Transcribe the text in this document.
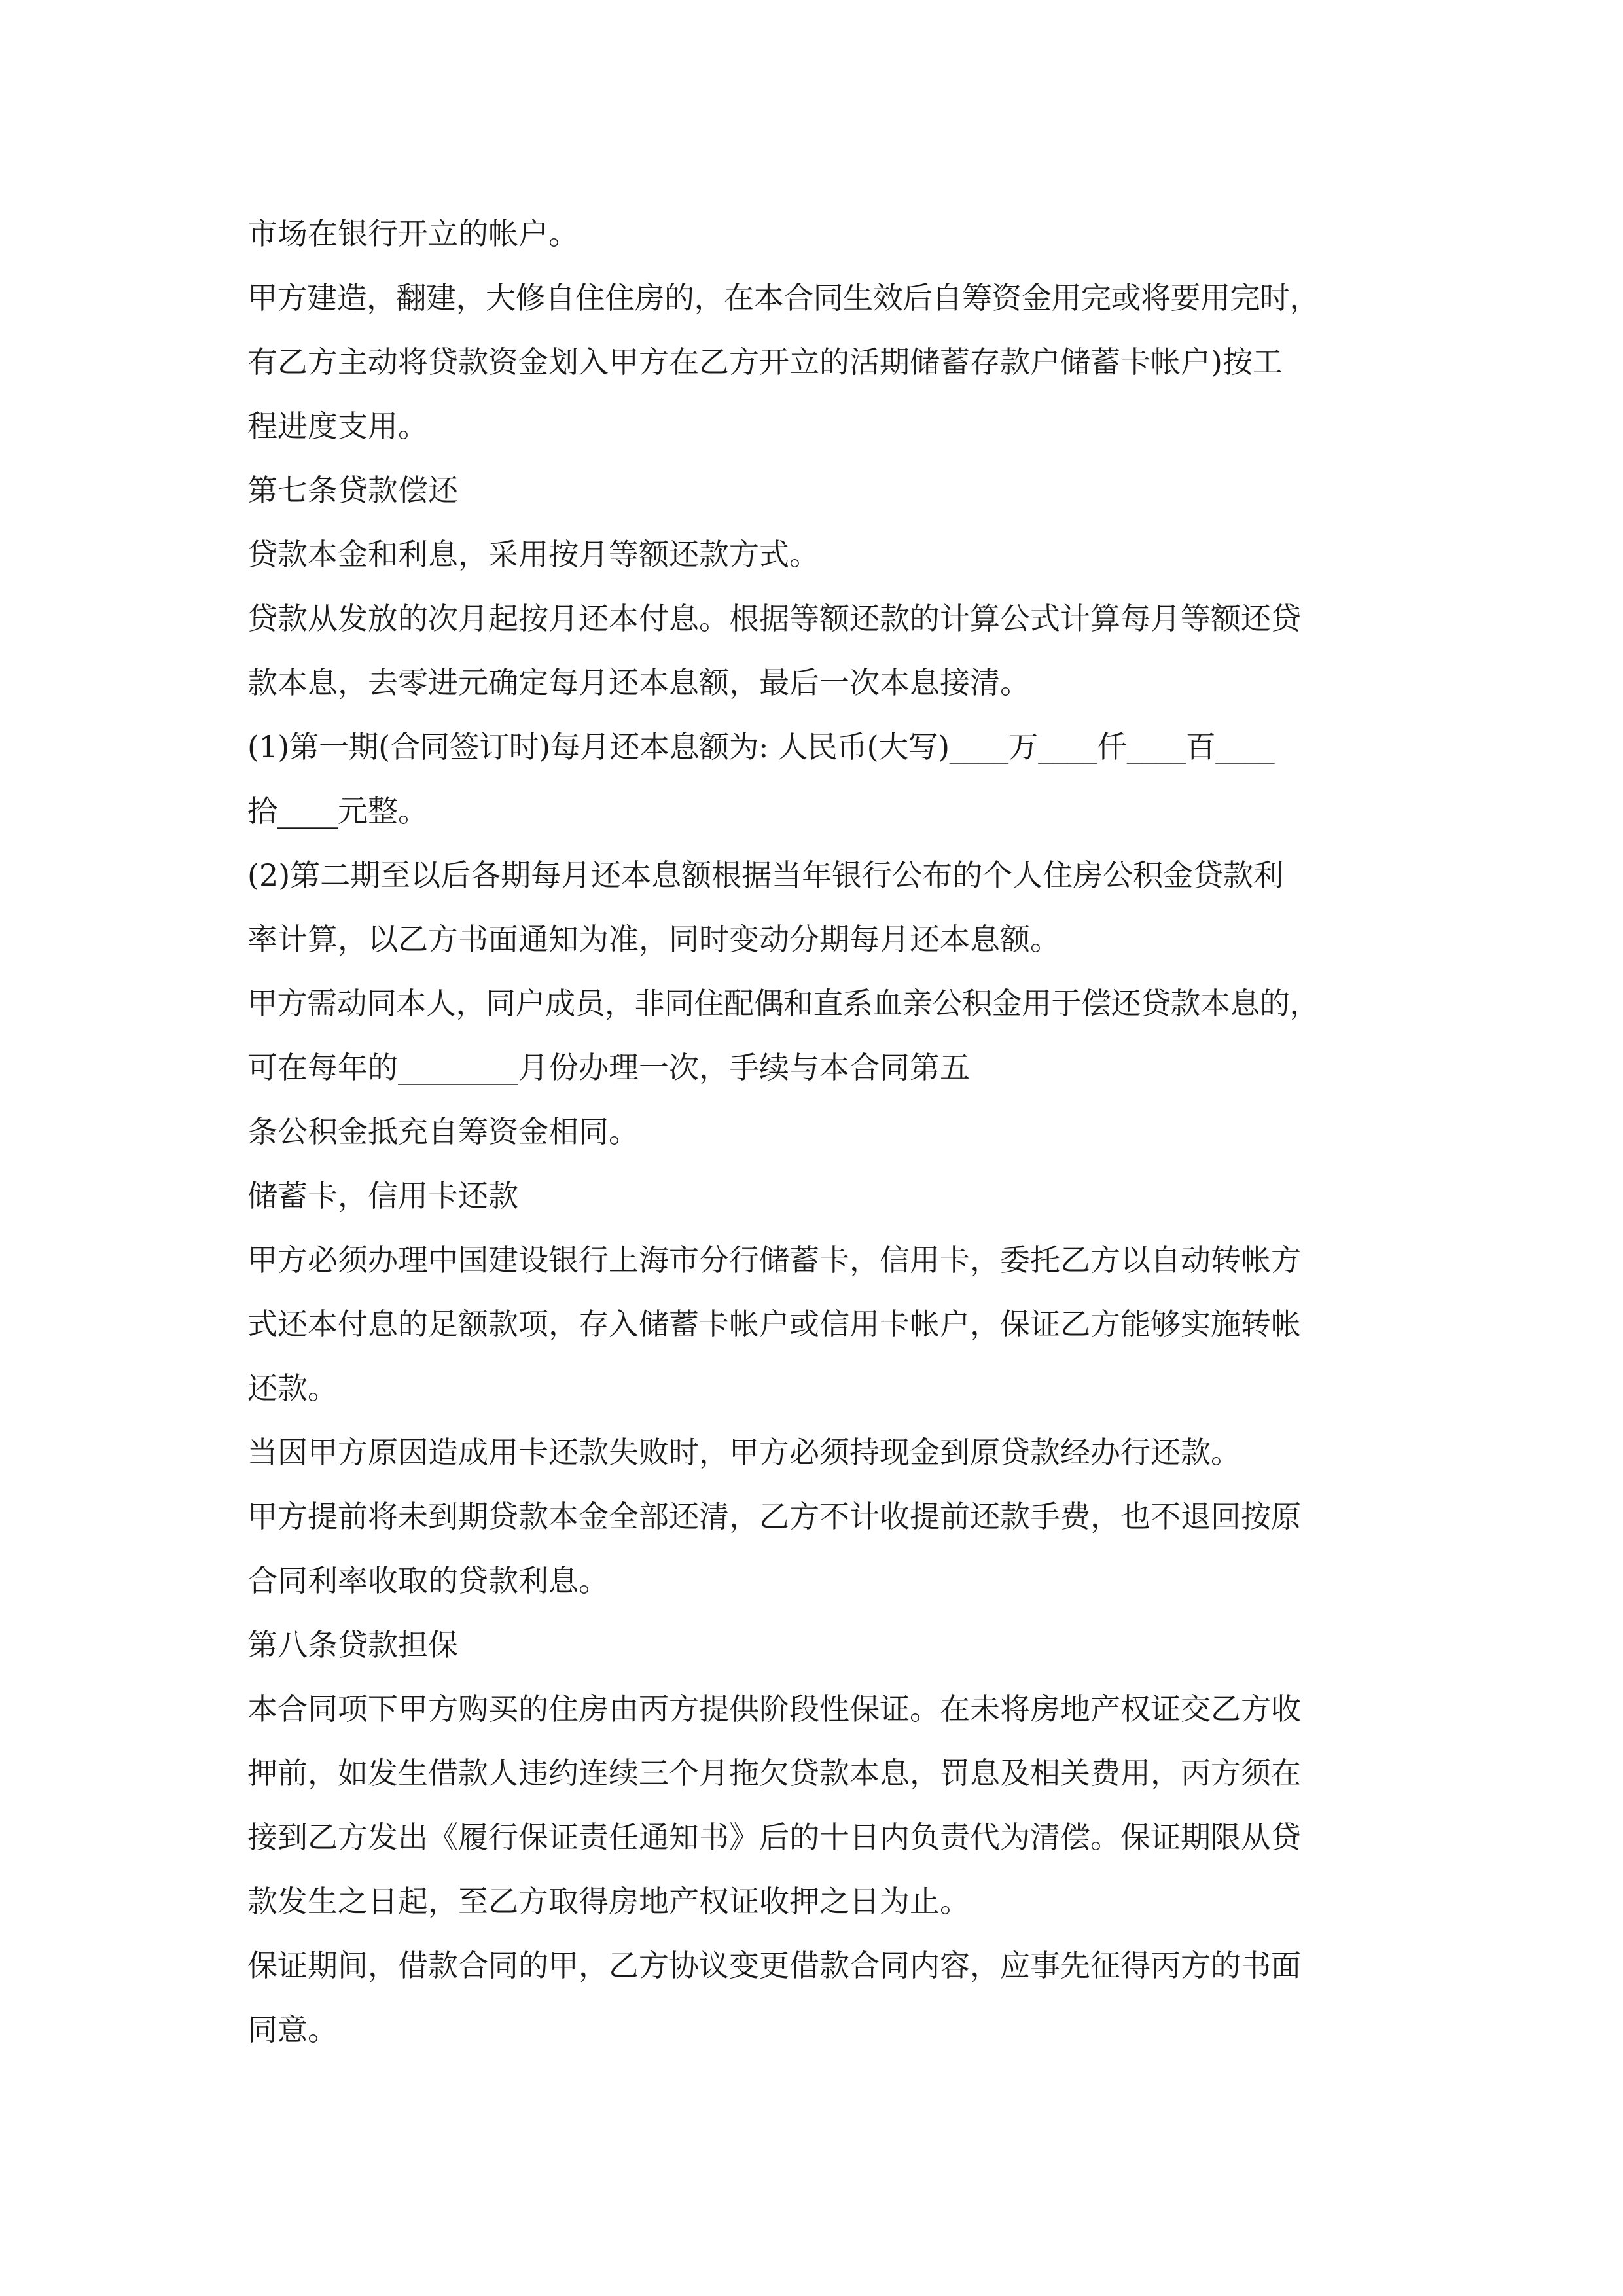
市场在银行开立的帐户。
甲方建造，翻建，大修自住住房的，在本合同生效后自筹资金用完或将要用完时，
有乙方主动将贷款资金划入甲方在乙方开立的活期储蓄存款户储蓄卡帐户)按工
程进度支用。
第七条贷款偿还
贷款本金和利息，采用按月等额还款方式。
贷款从发放的次月起按月还本付息。根据等额还款的计算公式计算每月等额还贷
款本息，去零进元确定每月还本息额，最后一次本息接清。
(1)第一期(合同签订时)每月还本息额为: 人民币(大写)____万____仟____百____
拾____元整。
(2)第二期至以后各期每月还本息额根据当年银行公布的个人住房公积金贷款利
率计算，以乙方书面通知为准，同时变动分期每月还本息额。
甲方需动同本人，同户成员，非同住配偶和直系血亲公积金用于偿还贷款本息的，
可在每年的________月份办理一次，手续与本合同第五
条公积金抵充自筹资金相同。
储蓄卡，信用卡还款
甲方必须办理中国建设银行上海市分行储蓄卡，信用卡，委托乙方以自动转帐方
式还本付息的足额款项，存入储蓄卡帐户或信用卡帐户，保证乙方能够实施转帐
还款。
当因甲方原因造成用卡还款失败时，甲方必须持现金到原贷款经办行还款。
甲方提前将未到期贷款本金全部还清，乙方不计收提前还款手费，也不退回按原
合同利率收取的贷款利息。
第八条贷款担保
本合同项下甲方购买的住房由丙方提供阶段性保证。在未将房地产权证交乙方收
押前，如发生借款人违约连续三个月拖欠贷款本息，罚息及相关费用，丙方须在
接到乙方发出《履行保证责任通知书》后的十日内负责代为清偿。保证期限从贷
款发生之日起，至乙方取得房地产权证收押之日为止。
保证期间，借款合同的甲，乙方协议变更借款合同内容，应事先征得丙方的书面
同意。
